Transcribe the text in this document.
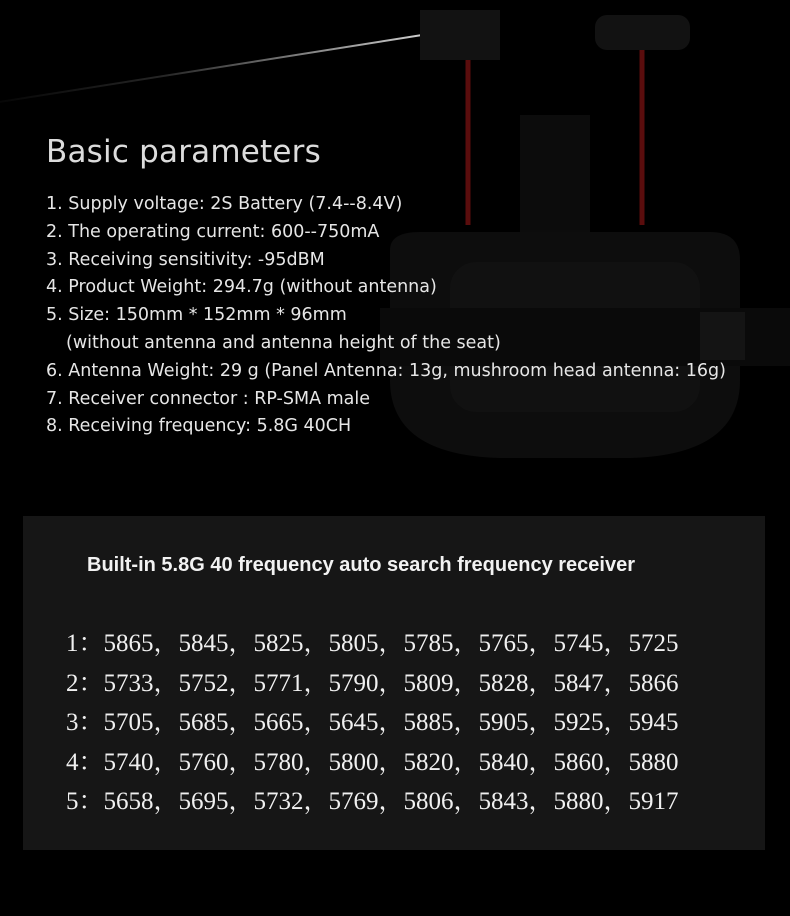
Basic parameters
1. Supply voltage: 2S Battery (7.4--8.4V)
2. The operating current: 600--750mA
3. Receiving sensitivity: -95dBM
4. Product Weight: 294.7g (without antenna)
5. Size: 150mm * 152mm * 96mm
(without antenna and antenna height of the seat)
6. Antenna Weight: 29 g (Panel Antenna: 13g, mushroom head antenna: 16g)
7. Receiver connector : RP-SMA male
8. Receiving frequency: 5.8G 40CH
Built-in 5.8G 40 frequency auto search frequency receiver
1：5865，5845，5825，5805，5785，5765，5745，5725
2：5733，5752，5771，5790，5809，5828，5847，5866
3：5705，5685，5665，5645，5885，5905，5925，5945
4：5740，5760，5780，5800，5820，5840，5860，5880
5：5658，5695，5732，5769，5806，5843，5880，5917
